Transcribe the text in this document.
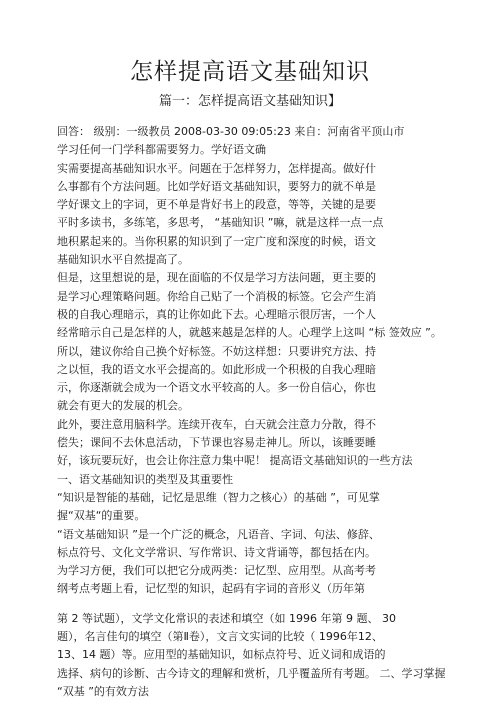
怎样提高语文基础知识
篇一：怎样提高语文基础知识】
回答： 级别：一级教员 2008-03-30 09:05:23 来自：河南省平顶山市
学习任何一门学科都需要努力。学好语文确
实需要提高基础知识水平。问题在于怎样努力，怎样提高。做好什
么事都有个方法问题。比如学好语文基础知识，要努力的就不单是
学好课文上的字词，更不单是背好书上的段意，等等，关键的是要
平时多读书，多练笔，多思考， “基础知识 ”嘛，就是这样一点一点
地积累起来的。当你积累的知识到了一定广度和深度的时候，语文
基础知识水平自然提高了。
但是，这里想说的是，现在面临的不仅是学习方法问题，更主要的
是学习心理策略问题。你给自己贴了一个消极的标签。它会产生消
极的自我心理暗示，真的让你如此下去。心理暗示很厉害，一个人
经常暗示自己是怎样的人，就越来越是怎样的人。心理学上这叫 “标 签效应 ”。
所以，建议你给自己换个好标签。不妨这样想：只要讲究方法、持
之以恒，我的语文水平会提高的。如此形成一个积极的自我心理暗
示，你逐渐就会成为一个语文水平较高的人。多一份自信心，你也
就会有更大的发展的机会。
此外，要注意用脑科学。连续开夜车，白天就会注意力分散，得不
偿失；课间不去休息活动，下节课也容易走神儿。所以，该睡要睡
好，该玩要玩好，也会让你注意力集中呢！ 提高语文基础知识的一些方法
一、语文基础知识的类型及其重要性
“知识是智能的基础，记忆是思维（智力之核心）的基础 ”，可见掌
握“双基“的重要。
“语文基础知识 ”是一个广泛的概念，凡语音、字词、句法、修辞、
标点符号、文化文学常识、写作常识、诗文背诵等，都包括在内。
为学习方便，我们可以把它分成两类：记忆型、应用型。从高考考
纲考点考题上看，记忆型的知识，起码有字词的音形义（历年第
第 2 等试题），文学文化常识的表述和填空（如 1996 年第 9 题、 30
题），名言佳句的填空（第Ⅱ卷），文言文实词的比较（ 1996年12、
13、14 题）等。应用型的基础知识，如标点符号、近义词和成语的
选择、病句的诊断、古今诗文的理解和赏析，几乎覆盖所有考题。 二、学习掌握
“双基 ”的有效方法
